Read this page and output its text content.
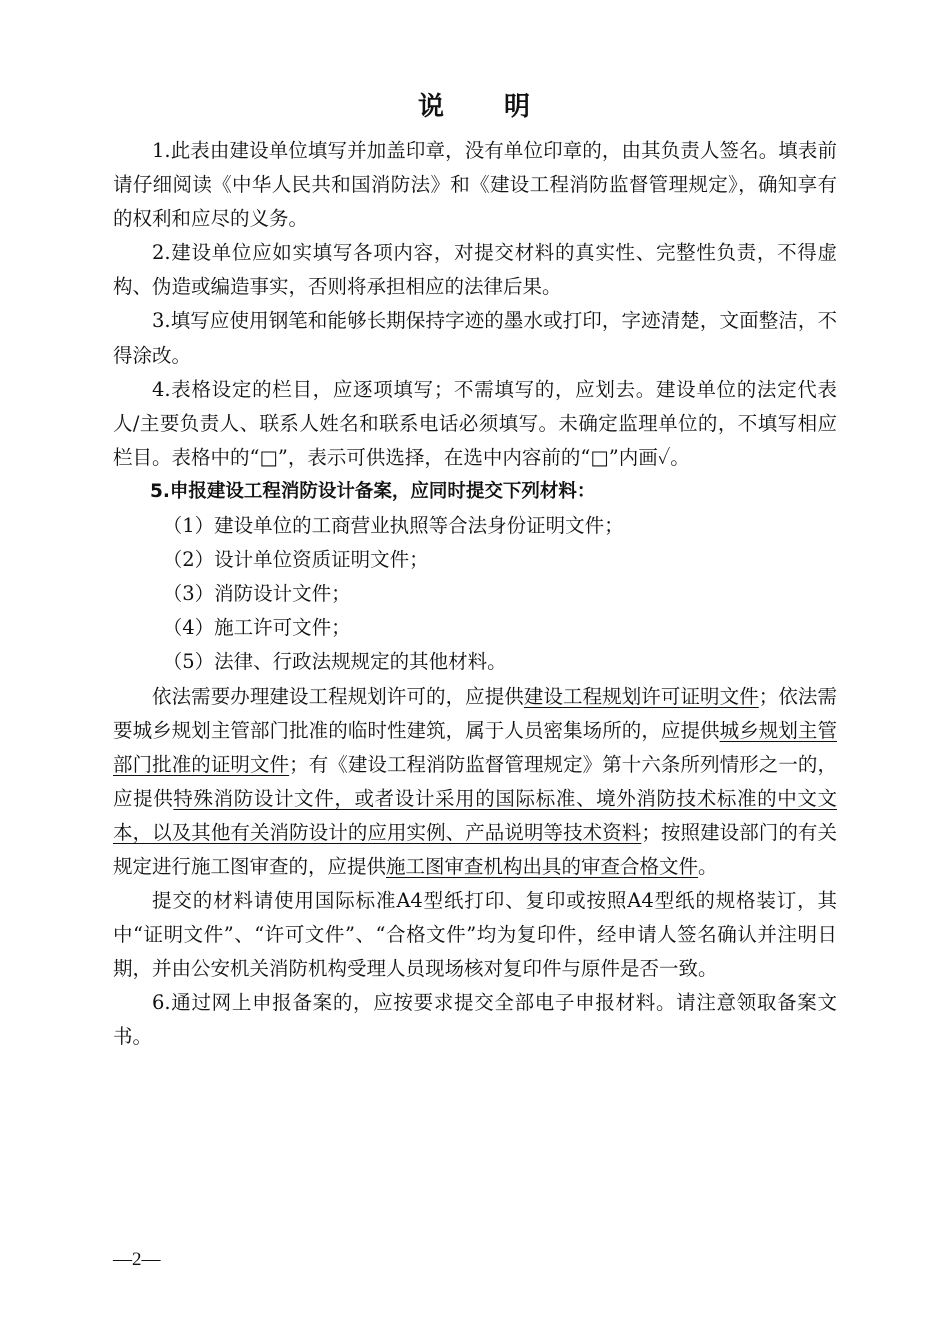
说 明

1.此表由建设单位填写并加盖印章，没有单位印章的，由其负责人签名。填表前请仔细阅读《中华人民共和国消防法》和《建设工程消防监督管理规定》，确知享有的权利和应尽的义务。

2.建设单位应如实填写各项内容，对提交材料的真实性、完整性负责，不得虚构、伪造或编造事实，否则将承担相应的法律后果。

3.填写应使用钢笔和能够长期保持字迹的墨水或打印，字迹清楚，文面整洁，不得涂改。

4.表格设定的栏目，应逐项填写；不需填写的，应划去。建设单位的法定代表人/主要负责人、联系人姓名和联系电话必须填写。未确定监理单位的，不填写相应栏目。表格中的“□”，表示可供选择，在选中内容前的“□”内画✓。

5.申报建设工程消防设计备案，应同时提交下列材料：

（1）建设单位的工商营业执照等合法身份证明文件；

（2）设计单位资质证明文件；

（3）消防设计文件；

（4）施工许可文件；

（5）法律、行政法规规定的其他材料。

依法需要办理建设工程规划许可的，应提供建设工程规划许可证明文件；依法需要城乡规划主管部门批准的临时性建筑，属于人员密集场所的，应提供城乡规划主管部门批准的证明文件；有《建设工程消防监督管理规定》第十六条所列情形之一的，应提供特殊消防设计文件，或者设计采用的国际标准、境外消防技术标准的中文文本，以及其他有关消防设计的应用实例、产品说明等技术资料；按照建设部门的有关规定进行施工图审查的，应提供施工图审查机构出具的审查合格文件。

提交的材料请使用国际标准A4型纸打印、复印或按照A4型纸的规格装订，其中“证明文件”、“许可文件”、“合格文件”均为复印件，经申请人签名确认并注明日期，并由公安机关消防机构受理人员现场核对复印件与原件是否一致。

6.通过网上申报备案的，应按要求提交全部电子申报材料。请注意领取备案文书。

—2—
